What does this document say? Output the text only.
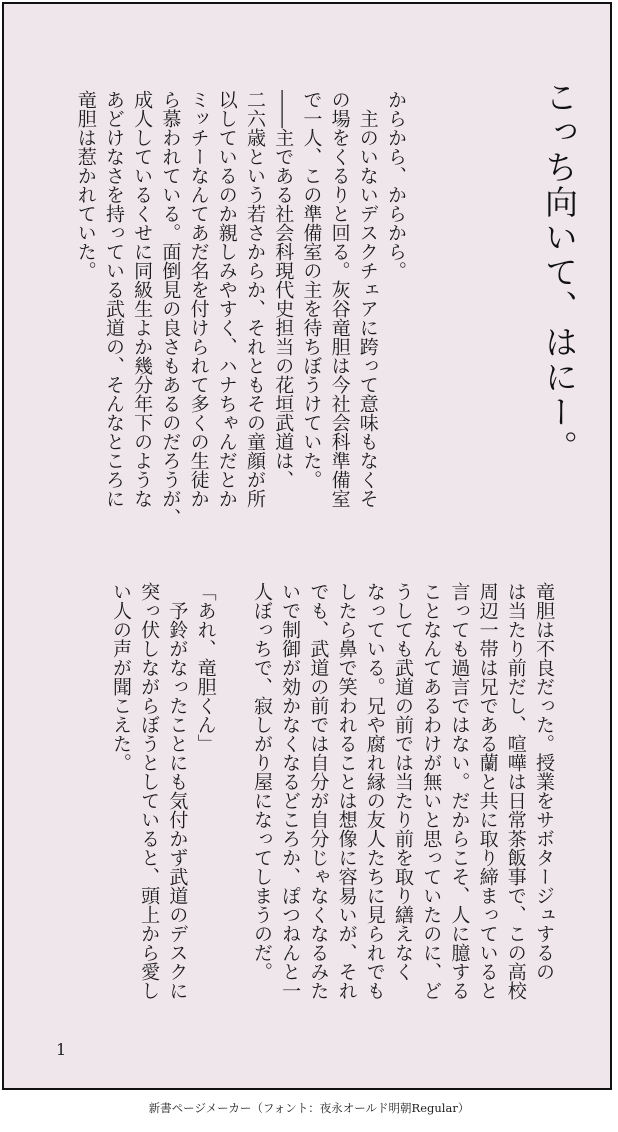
こっち向いて、はにー。
からから、からから。
　主のいないデスクチェアに跨って意味もなくそ
の場をくるりと回る。灰谷竜胆は今社会科準備室
で一人、この準備室の主を待ちぼうけていた。
――主である社会科現代史担当の花垣武道は、
二六歳という若さからか、それともその童顔が所
以しているのか親しみやすく、ハナちゃんだとか
ミッチーなんてあだ名を付けられて多くの生徒か
ら慕われている。面倒見の良さもあるのだろうが、
成人しているくせに同級生よか幾分年下のような
あどけなさを持っている武道の、そんなところに
竜胆は惹かれていた。
竜胆は不良だった。授業をサボタージュするの
は当たり前だし、喧嘩は日常茶飯事で、この高校
周辺一帯は兄である蘭と共に取り締まっていると
言っても過言ではない。だからこそ、人に臆する
ことなんてあるわけが無いと思っていたのに、ど
うしても武道の前では当たり前を取り繕えなく
なっている。兄や腐れ縁の友人たちに見られでも
したら鼻で笑われることは想像に容易いが、それ
でも、武道の前では自分が自分じゃなくなるみた
いで制御が効かなくなるどころか、ぽつねんと一
人ぼっちで、寂しがり屋になってしまうのだ。
「あれ、竜胆くん」
　予鈴がなったことにも気付かず武道のデスクに
突っ伏しながらぼうとしていると、頭上から愛し
い人の声が聞こえた。
1
新書ページメーカー（フォント：夜永オールド明朝Regular）
